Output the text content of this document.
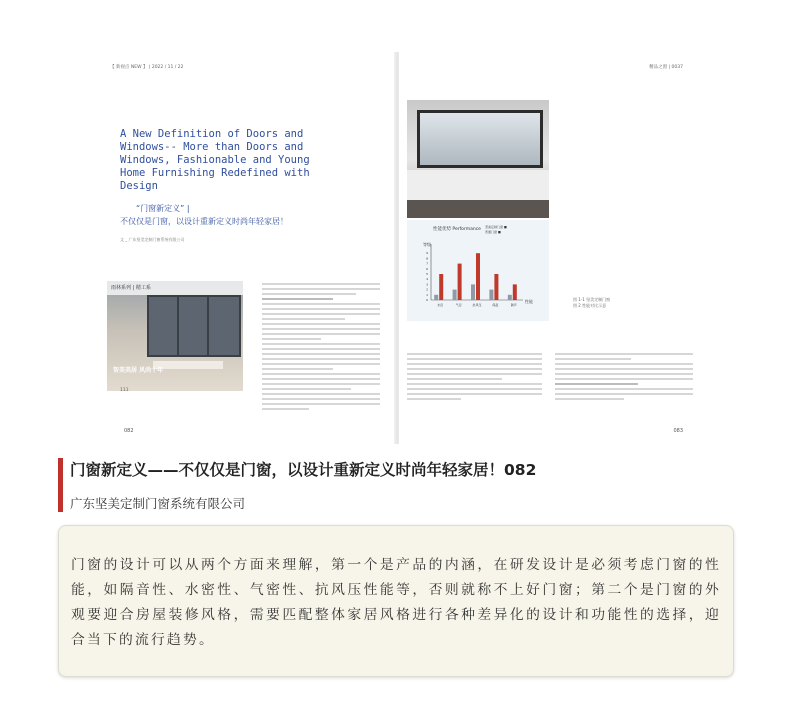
【 新视点 NEW 】 | 2022 / 11 / 22
A New Definition of Doors and Windows-- More than Doors and Windows, Fashionable and Young Home Furnishing Redefined with Design
“门窗新定义” |
不仅仅是门窗，以设计重新定义时尚年轻家居！
文 _ 广东坚美定制门窗系统有限公司
雨林系列 | 精工系
智美美居 风尚十年
111
082
精品之窗 | 0037
性能优势 Performance 坚美定制门窗 ■
普通门窗 ■
等级
性能
0
1
2
3
4
5
6
7
8
9
水密	气密	抗风压	保温	隔声
图 1-1 坚美定制门窗
图 2 性能对比示意
083
门窗新定义——不仅仅是门窗，以设计重新定义时尚年轻家居！082
广东坚美定制门窗系统有限公司

门窗的设计可以从两个方面来理解，第一个是产品的内涵，在研发设计是必须考虑门窗的性能，如隔音性、水密性、气密性、抗风压性能等，否则就称不上好门窗；第二个是门窗的外观要迎合房屋装修风格，需要匹配整体家居风格进行各种差异化的设计和功能性的选择，迎合当下的流行趋势。
